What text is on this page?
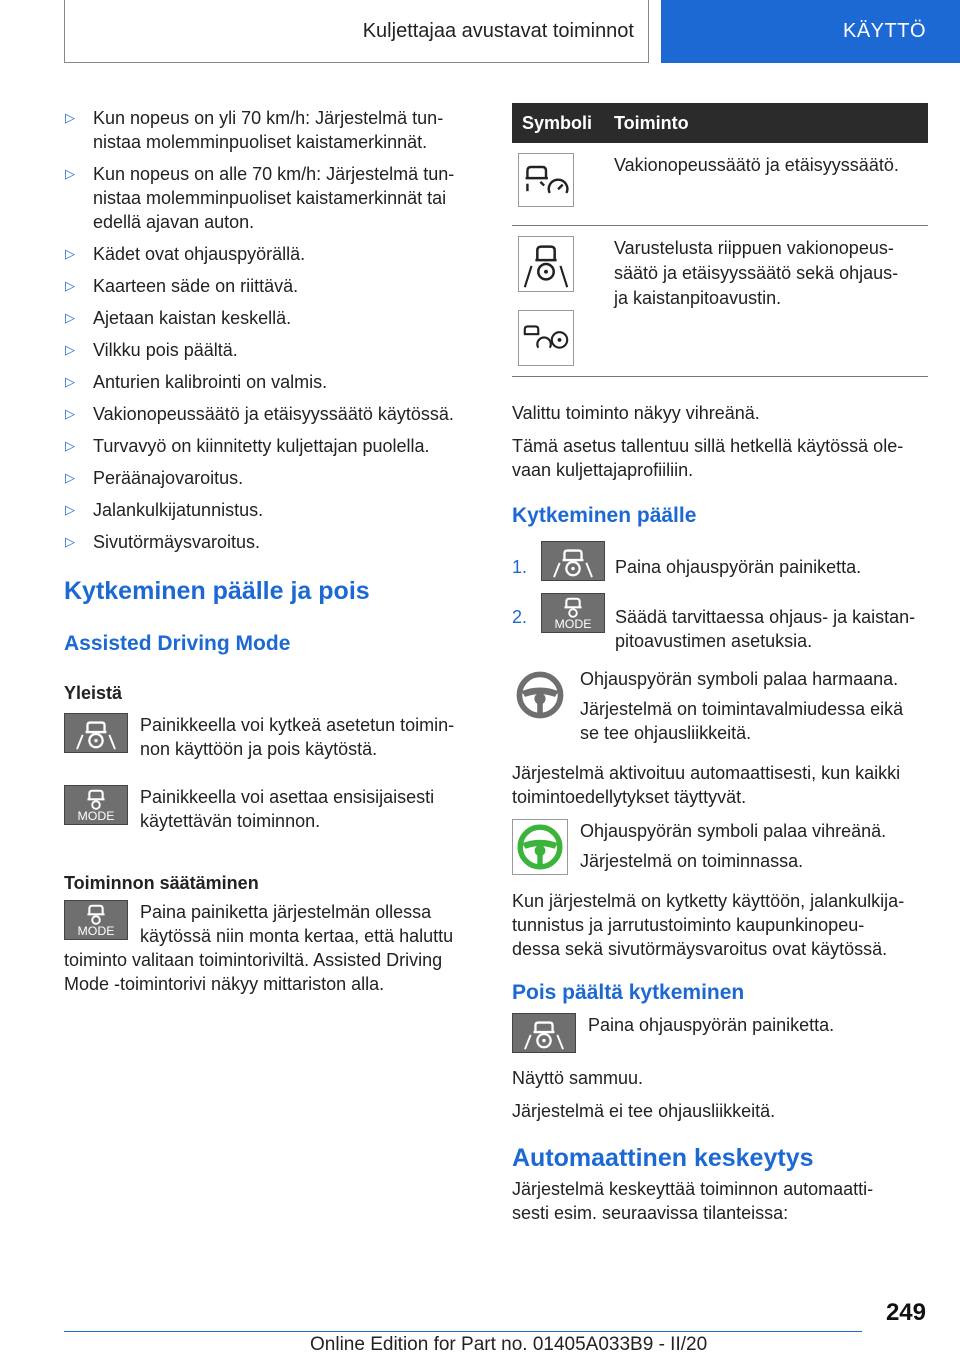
Kuljettajaa avustavat toiminnot	KÄYTTÖ
▷ Kun nopeus on yli 70 km/h: Järjestelmä tun-
nistaa molemminpuoliset kaistamerkinnät.
▷ Kun nopeus on alle 70 km/h: Järjestelmä tun-
nistaa molemminpuoliset kaistamerkinnät tai
edellä ajavan auton.
▷ Kädet ovat ohjauspyörällä.
▷ Kaarteen säde on riittävä.
▷ Ajetaan kaistan keskellä.
▷ Vilkku pois päältä.
▷ Anturien kalibrointi on valmis.
▷ Vakionopeussäätö ja etäisyyssäätö käytössä.
▷ Turvavyö on kiinnitetty kuljettajan puolella.
▷ Peräänajovaroitus.
▷ Jalankulkijatunnistus.
▷ Sivutörmäysvaroitus.
Kytkeminen päälle ja pois
Assisted Driving Mode
Yleistä
Painikkeella voi kytkeä asetetun toimin-
non käyttöön ja pois käytöstä.
MODE
Painikkeella voi asettaa ensisijaisesti
käytettävän toiminnon.
Toiminnon säätäminen
MODE
Paina painiketta järjestelmän ollessa
käytössä niin monta kertaa, että haluttu
toiminto valitaan toimintoriviltä. Assisted Driving
Mode -toimintorivi näkyy mittariston alla.
Symboli	Toiminto
	Vakionopeussäätö ja etäisyyssäätö.

	Varustelusta riippuen vakionopeus-
säätö ja etäisyyssäätö sekä ohjaus-
ja kaistanpitoavustin.

Valittu toiminto näkyy vihreänä.

Tämä asetus tallentuu sillä hetkellä käytössä ole-
vaan kuljettajaprofiiliin.

Kytkeminen päälle
1.	Paina ohjauspyörän painiketta.
2.	MODE	Säädä tarvittaessa ohjaus- ja kaistan-
pitoavustimen asetuksia.
Ohjauspyörän symboli palaa harmaana.
Järjestelmä on toimintavalmiudessa eikä
se tee ohjausliikkeitä.

Järjestelmä aktivoituu automaattisesti, kun kaikki
toimintoedellytykset täyttyvät.

Ohjauspyörän symboli palaa vihreänä.
Järjestelmä on toiminnassa.

Kun järjestelmä on kytketty käyttöön, jalankulkija-
tunnistus ja jarrutustoiminto kaupunkinopeu-
dessa sekä sivutörmäysvaroitus ovat käytössä.

Pois päältä kytkeminen
Paina ohjauspyörän painiketta.

Näyttö sammuu.

Järjestelmä ei tee ohjausliikkeitä.

Automaattinen keskeytys

Järjestelmä keskeyttää toiminnon automaatti-
sesti esim. seuraavissa tilanteissa:

249
Online Edition for Part no. 01405A033B9 - II/20
